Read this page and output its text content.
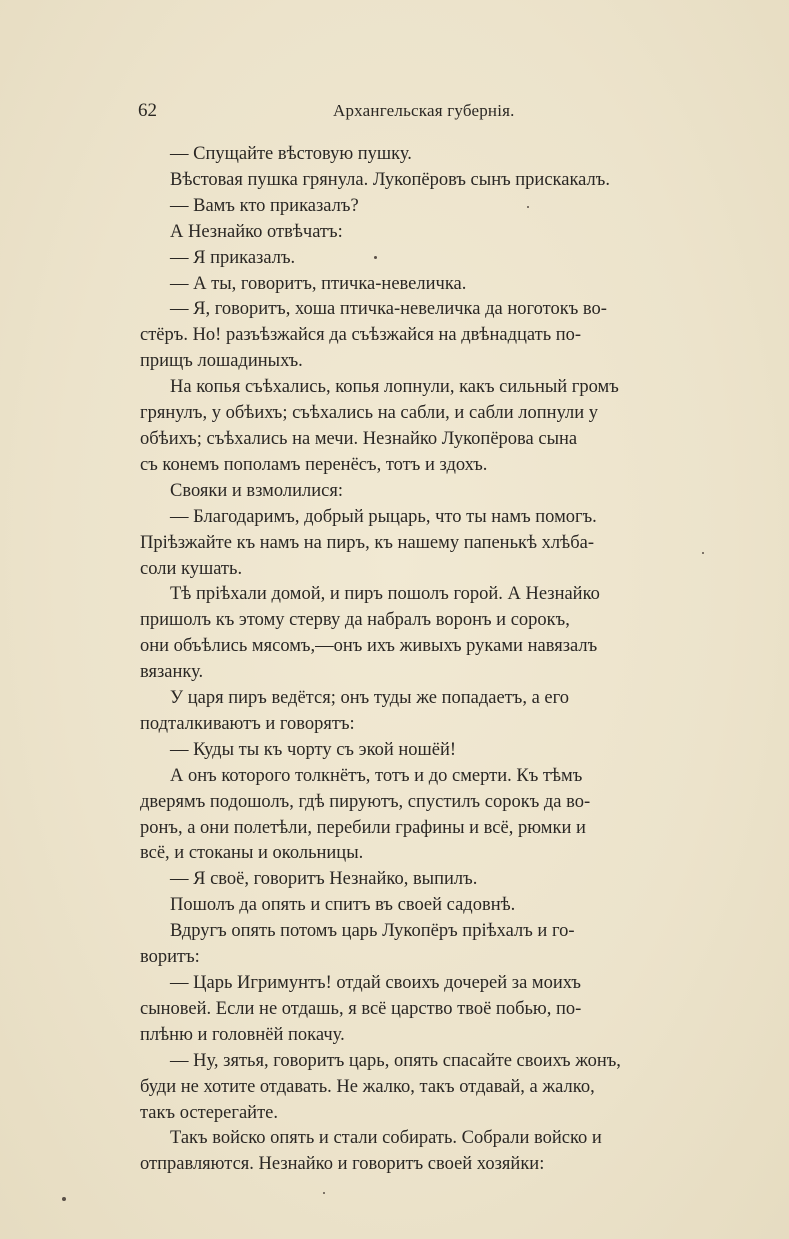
62	Архангельская губернія.
— Спущайте вѣстовую пушку.
Вѣстовая пушка грянула. Лукопёровъ сынъ прискакалъ.
— Вамъ кто приказалъ?
А Незнайко отвѣчатъ:
— Я приказалъ.
— А ты, говоритъ, птичка-невеличка.
— Я, говоритъ, хоша птичка-невеличка да ноготокъ во-
стёръ. Но! разъѣзжайся да съѣзжайся на двѣнадцать по-
прищъ лошадиныхъ.
На копья съѣхались, копья лопнули, какъ сильный громъ
грянулъ, у обѣихъ; съѣхались на сабли, и сабли лопнули у
обѣихъ; съѣхались на мечи. Незнайко Лукопёрова сына
съ конемъ пополамъ перенёсъ, тотъ и здохъ.
Свояки и взмолилися:
— Благодаримъ, добрый рыцарь, что ты намъ помогъ.
Пріѣзжайте къ намъ на пиръ, къ нашему папенькѣ хлѣба-
соли кушать.
Тѣ пріѣхали домой, и пиръ пошолъ горой. А Незнайко
пришолъ къ этому стерву да набралъ воронъ и сорокъ,
они объѣлись мясомъ,—онъ ихъ живыхъ руками навязалъ
вязанку.
У царя пиръ ведётся; онъ туды же попадаетъ, а его
подталкиваютъ и говорятъ:
— Куды ты къ чорту съ экой ношёй!
А онъ которого толкнётъ, тотъ и до смерти. Къ тѣмъ
дверямъ подошолъ, гдѣ пируютъ, спустилъ сорокъ да во-
ронъ, а они полетѣли, перебили графины и всё, рюмки и
всё, и стоканы и окольницы.
— Я своё, говоритъ Незнайко, выпилъ.
Пошолъ да опять и спитъ въ своей садовнѣ.
Вдругъ опять потомъ царь Лукопёръ пріѣхалъ и го-
воритъ:
— Царь Игримунтъ! отдай своихъ дочерей за моихъ
сыновей. Если не отдашь, я всё царство твоё побью, по-
плѣню и головнёй покачу.
— Ну, зятья, говоритъ царь, опять спасайте своихъ жонъ,
буди не хотите отдавать. Не жалко, такъ отдавай, а жалко,
такъ остерегайте.
Такъ войско опять и стали собирать. Собрали войско и
отправляются. Незнайко и говоритъ своей хозяйки:
